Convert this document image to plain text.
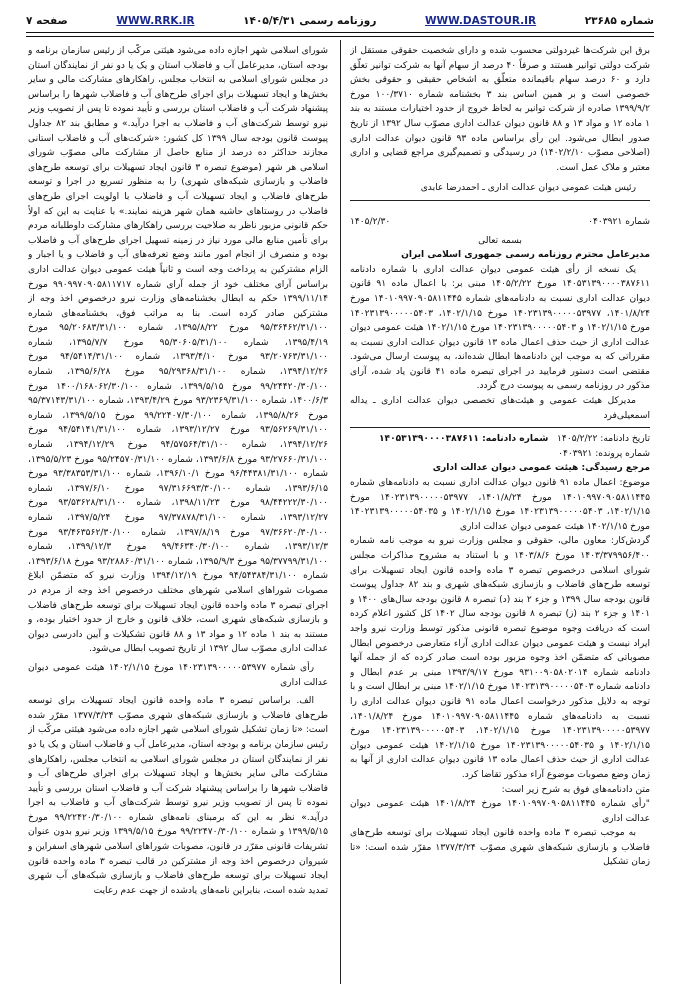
شماره ۲۳۶۸۵
WWW.DASTOUR.IR
روزنامه رسمی ۱۴۰۵/۴/۳۱
WWW.RRK.IR
صفحه ۷

برق این شرکت‌ها غیردولتی محسوب شده و دارای شخصیت حقوقی مستقل از شرکت دولتی توانیر هستند و صرفاً ۴۰ درصد از سهام آنها به شرکت توانیر تعلّق دارد و ۶۰ درصد سهام باقیمانده متعلّق به اشخاص حقیقی و حقوقی بخش خصوصی است و بر همین اساس بند ۳ بخشنامه شماره ۱۰۰/۳۷۱۰ مورخ ۱۳۹۹/۹/۲ صادره از شرکت توانیر به لحاظ خروج از حدود اختیارات مستند به بند ۱ ماده ۱۲ و مواد ۱۳ و ۸۸ قانون دیوان عدالت اداری مصوّب سال ۱۳۹۲ از تاریخ صدور ابطال می‌شود. این رأی براساس ماده ۹۳ قانون دیوان عدالت اداری (اصلاحی مصوّب ۱۴۰۲/۲/۱۰) در رسیدگی و تصمیم‌گیری مراجع قضایی و اداری معتبر و ملاک عمل است.

رئیس هیئت عمومی دیوان عدالت اداری ـ احمدرضا عابدی

شماره ۰۴۰۳۹۲۱
۱۴۰۵/۲/۳۰

بسمه تعالی

مدیرعامل محترم روزنامه رسمی جمهوری اسلامی ایران

یک نسخه از رأی هیئت عمومی دیوان عدالت اداری با شماره دادنامه ۱۴۰۵۳۱۳۹۰۰۰۰۳۸۷۶۱۱ مورخ ۱۴۰۵/۲/۲۲ مبنی بر: با اعمال ماده ۹۱ قانون دیوان عدالت اداری نسبت به دادنامه‌های شماره ۱۴۰۱۰۹۹۷۰۹۰۵۸۱۱۴۴۵ مورخ ۱۴۰۱/۸/۲۴، ۱۴۰۲۳۱۳۹۰۰۰۰۰۵۳۹۷۷ مورخ ۱۴۰۲/۱/۱۵، ۱۴۰۲۳۱۳۹۰۰۰۰۰۵۴۰۳ مورخ ۱۴۰۲/۱/۱۵ و ۱۴۰۲۳۱۳۹۰۰۰۰۰۵۴۰۳ مورخ ۱۴۰۲/۱/۱۵ هیئت عمومی دیوان عدالت اداری از حیث حذف اعمال ماده ۱۳ قانون دیوان عدالت اداری نسبت به مقرراتی که به موجب این دادنامه‌ها ابطال شده‌اند، به پیوست ارسال می‌شود. مقتضی است دستور فرمایید در اجرای تبصره ماده ۴۱ قانون یاد شده، آرای مذکور در روزنامه رسمی به پیوست درج گردد.

مدیرکل هیئت عمومی و هیئت‌های تخصصی دیوان عدالت اداری ـ یداله اسمعیلی‌فرد

تاریخ دادنامه: ۱۴۰۵/۲/۲۲   شماره دادنامه: ۱۴۰۵۳۱۳۹۰۰۰۰۳۸۷۶۱۱

شماره پرونده: ۰۴۰۳۹۲۱

مرجع رسیدگی: هیئت عمومی دیوان عدالت اداری

موضوع: اعمال ماده ۹۱ قانون دیوان عدالت اداری نسبت به دادنامه‌های شماره ۱۴۰۱۰۹۹۷۰۹۰۵۸۱۱۴۴۵ مورخ ۱۴۰۱/۸/۲۴، ۱۴۰۲۳۱۳۹۰۰۰۰۰۵۳۹۷۷ مورخ ۱۴۰۲/۱/۱۵، ۱۴۰۲۳۱۳۹۰۰۰۰۰۵۴۰۳ مورخ ۱۴۰۲/۱/۱۵ و ۱۴۰۲۳۱۳۹۰۰۰۰۰۵۴۰۳۵ مورخ ۱۴۰۲/۱/۱۵ هیئت عمومی دیوان عدالت اداری

گردش‌کار: معاون مالی، حقوقی و مجلس وزارت نیرو به موجب نامه شماره ۱۴۰۳/۳۷۹۹۵۶/۴۰۰ مورخ ۱۴۰۳/۸/۶ و با استناد به مشروح مذاکرات مجلس شورای اسلامی درخصوص تبصره ۳ ماده واحده قانون ایجاد تسهیلات برای توسعه طرح‌های فاضلاب و بازسازی شبکه‌های شهری و بند ۸۲ جداول پیوست قانون بودجه سال ۱۳۹۹ و جزء ۲ بند (د) تبصره ۸ قانون بودجه سال‌های ۱۴۰۰ و ۱۴۰۱ و جزء ۲ بند (ز) تبصره ۸ قانون بودجه سال ۱۴۰۲ کل کشور اعلام کرده است که دریافت وجوه موضوع تبصره قانونی مذکور توسط وزارت نیرو واجد ایراد نیست و هیئت عمومی دیوان عدالت اداری آراء متعارضی درخصوص ابطال مصوباتی که متضمّن اخذ وجوه مزبور بوده است صادر کرده که از جمله آنها دادنامه شماره ۹۳۱۰۰۹۰۵۸۰۲۰۱۴ مورخ ۱۳۹۳/۹/۱۷ مبنی بر عدم ابطال و دادنامه شماره ۱۴۰۲۳۱۳۹۰۰۰۰۰۵۴۰۳ مورخ ۱۴۰۲/۱/۱۵ مبنی بر ابطال است و با توجه به دلایل مذکور درخواست اعمال ماده ۹۱ قانون دیوان عدالت اداری را نسبت به دادنامه‌های شماره ۱۴۰۱۰۹۹۷۰۹۰۵۸۱۱۴۴۵ مورخ ۱۴۰۱/۸/۲۴، ۱۴۰۲۳۱۳۹۰۰۰۰۰۵۳۹۷۷ مورخ ۱۴۰۲/۱/۱۵، ۱۴۰۲۳۱۳۹۰۰۰۰۰۵۴۰۳ مورخ ۱۴۰۲/۱/۱۵ و ۱۴۰۲۳۱۳۹۰۰۰۰۰۵۴۰۳۵ مورخ ۱۴۰۲/۱/۱۵ هیئت عمومی دیوان عدالت اداری از حیث حذف اعمال ماده ۱۳ قانون دیوان عدالت اداری از آنها به زمان وضع مصوبات موضوع آراء مذکور تقاضا کرد.

متن دادنامه‌های فوق به شرح زیر است:

"رأی شماره ۱۴۰۱۰۹۹۷۰۹۰۵۸۱۱۴۴۵ مورخ ۱۴۰۱/۸/۲۴ هیئت عمومی دیوان عدالت اداری

به موجب تبصره ۳ ماده واحده قانون ایجاد تسهیلات برای توسعه طرح‌های فاضلاب و بازسازی شبکه‌های شهری مصوّب ۱۳۷۷/۳/۲۴ مقرّر شده است: «تا زمان تشکیل

شورای اسلامی شهر اجازه داده می‌شود هیئتی مرکّب از رئیس سازمان برنامه و بودجه استان، مدیرعامل آب و فاضلاب استان و یک یا دو نفر از نمایندگان استان در مجلس شورای اسلامی به انتخاب مجلس، راهکارهای مشارکت مالی و سایر بخش‌ها و ایجاد تسهیلات برای اجرای طرح‌های آب و فاضلاب شهرها را براساس پیشنهاد شرکت آب و فاضلاب استان بررسی و تأیید نموده تا پس از تصویب وزیر نیرو توسط شرکت‌های آب و فاضلاب به اجرا درآید.» و مطابق بند ۸۲ جداول پیوست قانون بودجه سال ۱۳۹۹ کل کشور: «شرکت‌های آب و فاضلاب استانی مجازند حداکثر ده درصد از منابع حاصل از مشارکت مالی مصوّب شورای اسلامی هر شهر (موضوع تبصره ۳ قانون ایجاد تسهیلات برای توسعه طرح‌های فاضلاب و بازسازی شبکه‌های شهری) را به منظور تسریع در اجرا و توسعه طرح‌های فاضلاب و ایجاد تسهیلات آب و فاضلاب با اولویت اجرای طرح‌های فاضلاب در روستاهای حاشیه همان شهر هزینه نمایند.» با عنایت به این که اولاً حکم قانونی مزبور ناظر به صلاحیت بررسی راهکارهای مشارکت داوطلبانه مردم برای تأمین منابع مالی مورد نیاز در زمینه تسهیل اجرای طرح‌های آب و فاضلاب بوده و منصرف از انجام امور مانند وضع تعرفه‌های آب و فاضلاب و یا اجبار و الزام مشترکین به پرداخت وجه است و ثانیاً هیئت عمومی دیوان عدالت اداری براساس آرای مختلف خود از جمله آرای شماره ۹۹۰۹۹۷۰۹۰۵۸۱۱۷۱۷ مورخ ۱۳۹۹/۱۱/۱۴ حکم به ابطال بخشنامه‌های وزارت نیرو درخصوص اخذ وجه از مشترکین صادر کرده است. بنا به مراتب فوق، بخشنامه‌های شماره ۹۵/۳۶۴۶۲/۳۱/۱۰۰ مورخ ۱۳۹۵/۸/۲۲، شماره ۹۵/۲۰۶۸۳/۳۱/۱۰۰ مورخ ۱۳۹۵/۴/۱۹، شماره ۹۵/۳۰۶۰۵/۳۱/۱۰۰ مورخ ۱۳۹۵/۷/۷، شماره ۹۳/۲۰۷۶۳/۳۱/۱۰۰ مورخ ۱۳۹۳/۴/۱۰، شماره ۹۴/۵۴۱۴/۳۱/۱۰۰ مورخ ۱۳۹۴/۱۲/۲۶، شماره ۹۵/۲۹۳۶۸/۳۱/۱۰۰ مورخ ۱۳۹۵/۶/۲۸، شماره ۹۹/۲۴۴۲۰/۳۰/۱۰۰ مورخ ۱۳۹۹/۵/۱۵، شماره ۱۴۰۰/۱۶۸۰۶۲/۳۰/۱۰۰ مورخ ۱۴۰۰/۶/۳، شماره ۹۳/۲۳۶۹/۳۱/۱۰۰ مورخ ۱۳۹۳/۴/۲۹، شماره ۹۵/۳۷۱۴۳/۳۱/۱۰۰ مورخ ۱۳۹۵/۸/۲۶، شماره ۹۹/۲۲۴۰۷/۳۰/۱۰۰ مورخ ۱۳۹۹/۵/۱۵، شماره ۹۳/۵۶۲۶۹/۳۱/۱۰۰ مورخ ۱۳۹۳/۱۲/۲۷، شماره ۹۴/۵۴۱۴۱/۳۱/۱۰۰ مورخ ۱۳۹۴/۱۲/۲۶، شماره ۹۴/۵۷۵۶۴/۳۱/۱۰۰ مورخ ۱۳۹۴/۱۲/۲۹، شماره ۹۳/۲۷۶۶۰/۳۱/۱۰۰ مورخ ۱۳۹۳/۶/۸، شماره ۹۵/۲۴۵۷۰/۳۱/۱۰۰ مورخ ۱۳۹۵/۵/۲۳، شماره ۹۶/۴۴۳۸۱/۳۱/۱۰۰ مورخ ۱۳۹۶/۱۰/۱، شماره ۹۳/۳۸۳۵۳/۳۱/۱۰۰ مورخ ۱۳۹۳/۶/۱۵، شماره ۹۷/۳۱۶۶۹۳/۳۰/۱۰۰ مورخ ۱۳۹۷/۶/۱۰، شماره ۹۸/۴۴۲۲۲/۳۰/۱۰۰ مورخ ۱۳۹۸/۱۱/۲۳، شماره ۹۳/۵۳۶۲۸/۳۱/۱۰۰ مورخ ۱۳۹۳/۱۲/۲۷، شماره ۹۷/۳۷۸۷۸/۳۱/۱۰۰ مورخ ۱۳۹۷/۵/۲۴، شماره ۹۷/۳۶۶۲۰/۳۰/۱۰۰ مورخ ۱۳۹۷/۸/۱۹، شماره ۹۳/۴۶۳۵۶۲/۳۰/۱۰۰ مورخ ۱۳۹۳/۱۲/۳، شماره ۹۹/۴۶۳۴۰/۳۰/۱۰۰ مورخ ۱۳۹۹/۱۲/۳، شماره ۹۵/۳۷۷۹۹/۳۱/۱۰۰ مورخ ۱۳۹۵/۹/۳، شماره ۹۳/۲۸۸۶۰/۳۱/۱۰۰ مورخ ۱۳۹۳/۶/۱۸، شماره ۹۴/۵۴۳۸۴/۳۱/۱۰۰ مورخ ۱۳۹۴/۱۲/۱۹ وزارت نیرو که متضمّن ابلاغ مصوبات شوراهای اسلامی شهرهای مختلف درخصوص اخذ وجه از مردم در اجرای تبصره ۳ ماده واحده قانون ایجاد تسهیلات برای توسعه طرح‌های فاضلاب و بازسازی شبکه‌های شهری است، خلاف قانون و خارج از حدود اختیار بوده، و مستند به بند ۱ ماده ۱۲ و مواد ۱۳ و ۸۸ قانون تشکیلات و آیین دادرسی دیوان عدالت اداری مصوّب سال ۱۳۹۲ از تاریخ تصویب ابطال می‌شود.

رأی شماره ۱۴۰۲۳۱۳۹۰۰۰۰۰۵۳۹۷۷ مورخ ۱۴۰۲/۱/۱۵ هیئت عمومی دیوان عدالت اداری

الف. براساس تبصره ۳ ماده واحده قانون ایجاد تسهیلات برای توسعه طرح‌های فاضلاب و بازسازی شبکه‌های شهری مصوّب ۱۳۷۷/۳/۲۴ مقرّر شده است: «تا زمان تشکیل شورای اسلامی شهر اجازه داده می‌شود هیئتی مرکّب از رئیس سازمان برنامه و بودجه استان، مدیرعامل آب و فاضلاب استان و یک یا دو نفر از نمایندگان استان در مجلس شورای اسلامی به انتخاب مجلس، راهکارهای مشارکت مالی سایر بخش‌ها و ایجاد تسهیلات برای اجرای طرح‌های آب و فاضلاب شهرها را براساس پیشنهاد شرکت آب و فاضلاب استان بررسی و تأیید نموده تا پس از تصویب وزیر نیرو توسط شرکت‌های آب و فاضلاب به اجرا درآید.» نظر به این که برمبنای نامه‌های شماره ۹۹/۲۲۴۲۰/۳۰/۱۰۰ مورخ ۱۳۹۹/۵/۱۵ و شماره ۹۹/۲۲۴۷۰/۳۰/۱۰۰ مورخ ۱۳۹۹/۵/۱۵ وزیر نیرو بدون عنوان تشریفات قانونی مقرّر در قانون، مصوبات شوراهای اسلامی شهرهای اسفراین و شیروان درخصوص اخذ وجه از مشترکین در قالب تبصره ۳ ماده واحده قانون ایجاد تسهیلات برای توسعه طرح‌های فاضلاب و بازسازی شبکه‌های آب شهری تمدید شده است، بنابراین نامه‌های یادشده از جهت عدم رعایت
